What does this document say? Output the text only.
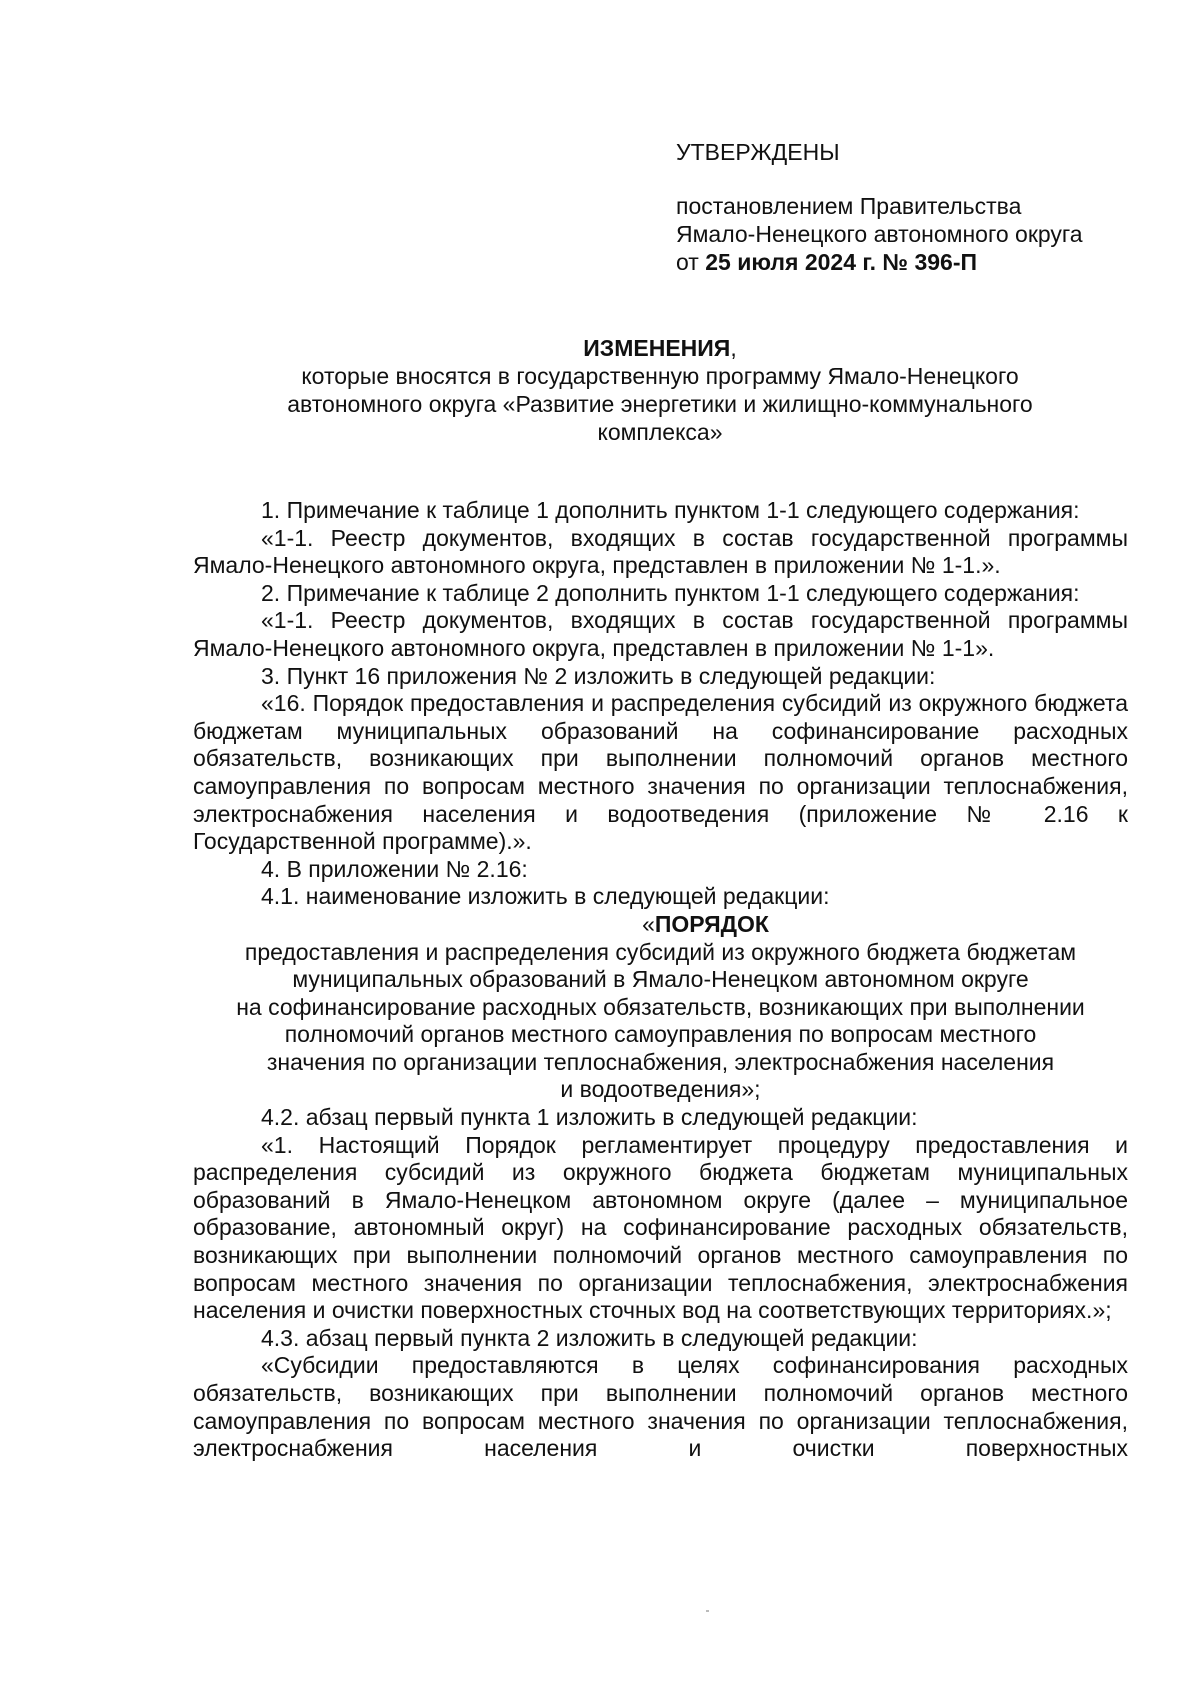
УТВЕРЖДЕНЫ
постановлением Правительства
Ямало-Ненецкого автономного округа
от 25 июля 2024 г. № 396-П
ИЗМЕНЕНИЯ,
которые вносятся в государственную программу Ямало-Ненецкого
автономного округа «Развитие энергетики и жилищно-коммунального
комплекса»

1. Примечание к таблице 1 дополнить пунктом 1-1 следующего содержания:

«1-1. Реестр документов, входящих в состав государственной программы Ямало-Ненецкого автономного округа, представлен в приложении № 1-1.».

2. Примечание к таблице 2 дополнить пунктом 1-1 следующего содержания:

«1-1. Реестр документов, входящих в состав государственной программы Ямало-Ненецкого автономного округа, представлен в приложении № 1-1».

3. Пункт 16 приложения № 2 изложить в следующей редакции:

«16. Порядок предоставления и распределения субсидий из окружного бюджета бюджетам муниципальных образований на софинансирование расходных обязательств, возникающих при выполнении полномочий органов местного самоуправления по вопросам местного значения по организации теплоснабжения, электроснабжения населения и водоотведения (приложение № 2.16 к Государственной программе).».

4. В приложении № 2.16:

4.1. наименование изложить в следующей редакции:

«ПОРЯДОК
предоставления и распределения субсидий из окружного бюджета бюджетам
муниципальных образований в Ямало-Ненецком автономном округе
на софинансирование расходных обязательств, возникающих при выполнении
полномочий органов местного самоуправления по вопросам местного
значения по организации теплоснабжения, электроснабжения населения
и водоотведения»;

4.2. абзац первый пункта 1 изложить в следующей редакции:

«1. Настоящий Порядок регламентирует процедуру предоставления и распределения субсидий из окружного бюджета бюджетам муниципальных образований в Ямало-Ненецком автономном округе (далее – муниципальное образование, автономный округ) на софинансирование расходных обязательств, возникающих при выполнении полномочий органов местного самоуправления по вопросам местного значения по организации теплоснабжения, электроснабжения населения и очистки поверхностных сточных вод на соответствующих территориях.»;

4.3. абзац первый пункта 2 изложить в следующей редакции:

«Субсидии предоставляются в целях софинансирования расходных обязательств, возникающих при выполнении полномочий органов местного самоуправления по вопросам местного значения по организации теплоснабжения, электроснабжения населения и очистки поверхностных
